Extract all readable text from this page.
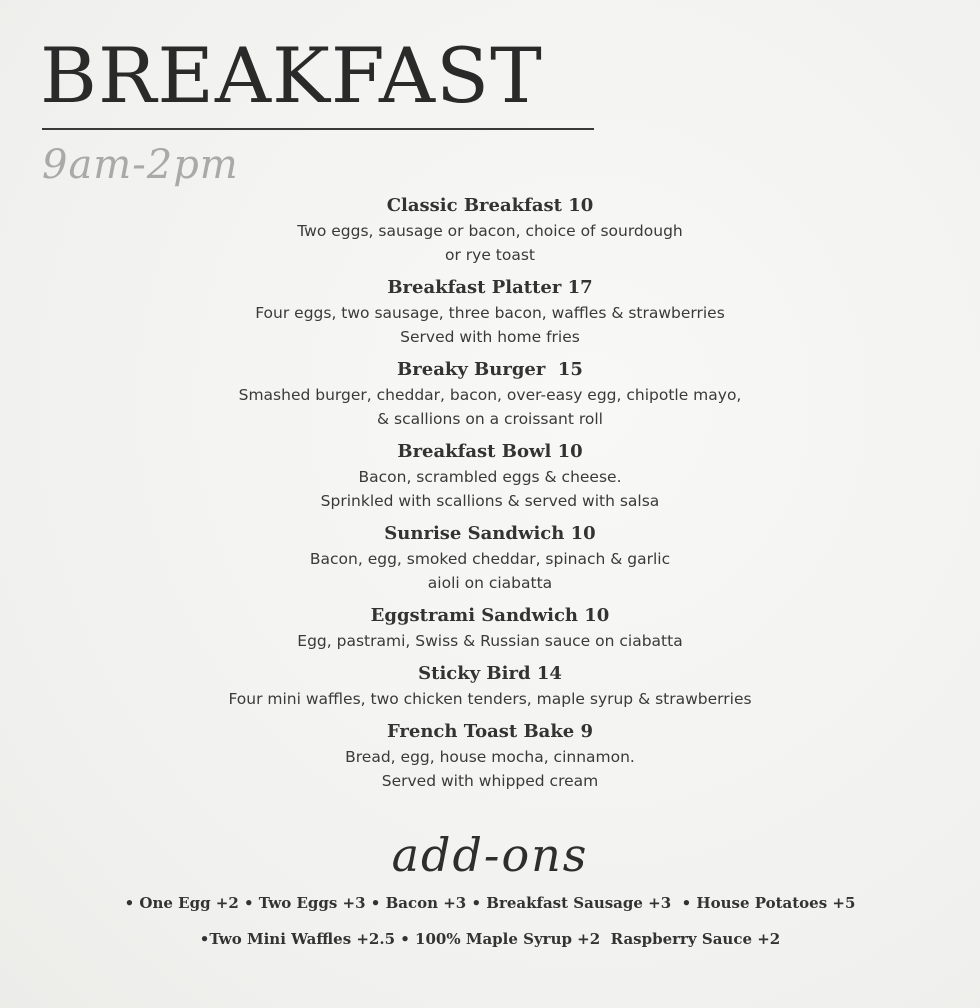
BREAKFAST
9am-2pm
Classic Breakfast 10
Two eggs, sausage or bacon, choice of sourdough
or rye toast
Breakfast Platter 17
Four eggs, two sausage, three bacon, waffles & strawberries
Served with home fries
Breaky Burger  15
Smashed burger, cheddar, bacon, over-easy egg, chipotle mayo,
& scallions on a croissant roll
Breakfast Bowl 10
Bacon, scrambled eggs & cheese.
Sprinkled with scallions & served with salsa
Sunrise Sandwich 10
Bacon, egg, smoked cheddar, spinach & garlic
aioli on ciabatta
Eggstrami Sandwich 10
Egg, pastrami, Swiss & Russian sauce on ciabatta
Sticky Bird 14
Four mini waffles, two chicken tenders, maple syrup & strawberries
French Toast Bake 9
Bread, egg, house mocha, cinnamon.
Served with whipped cream
add-ons
• One Egg +2 • Two Eggs +3 • Bacon +3 • Breakfast Sausage +3  • House Potatoes +5
•Two Mini Waffles +2.5 • 100% Maple Syrup +2  Raspberry Sauce +2
